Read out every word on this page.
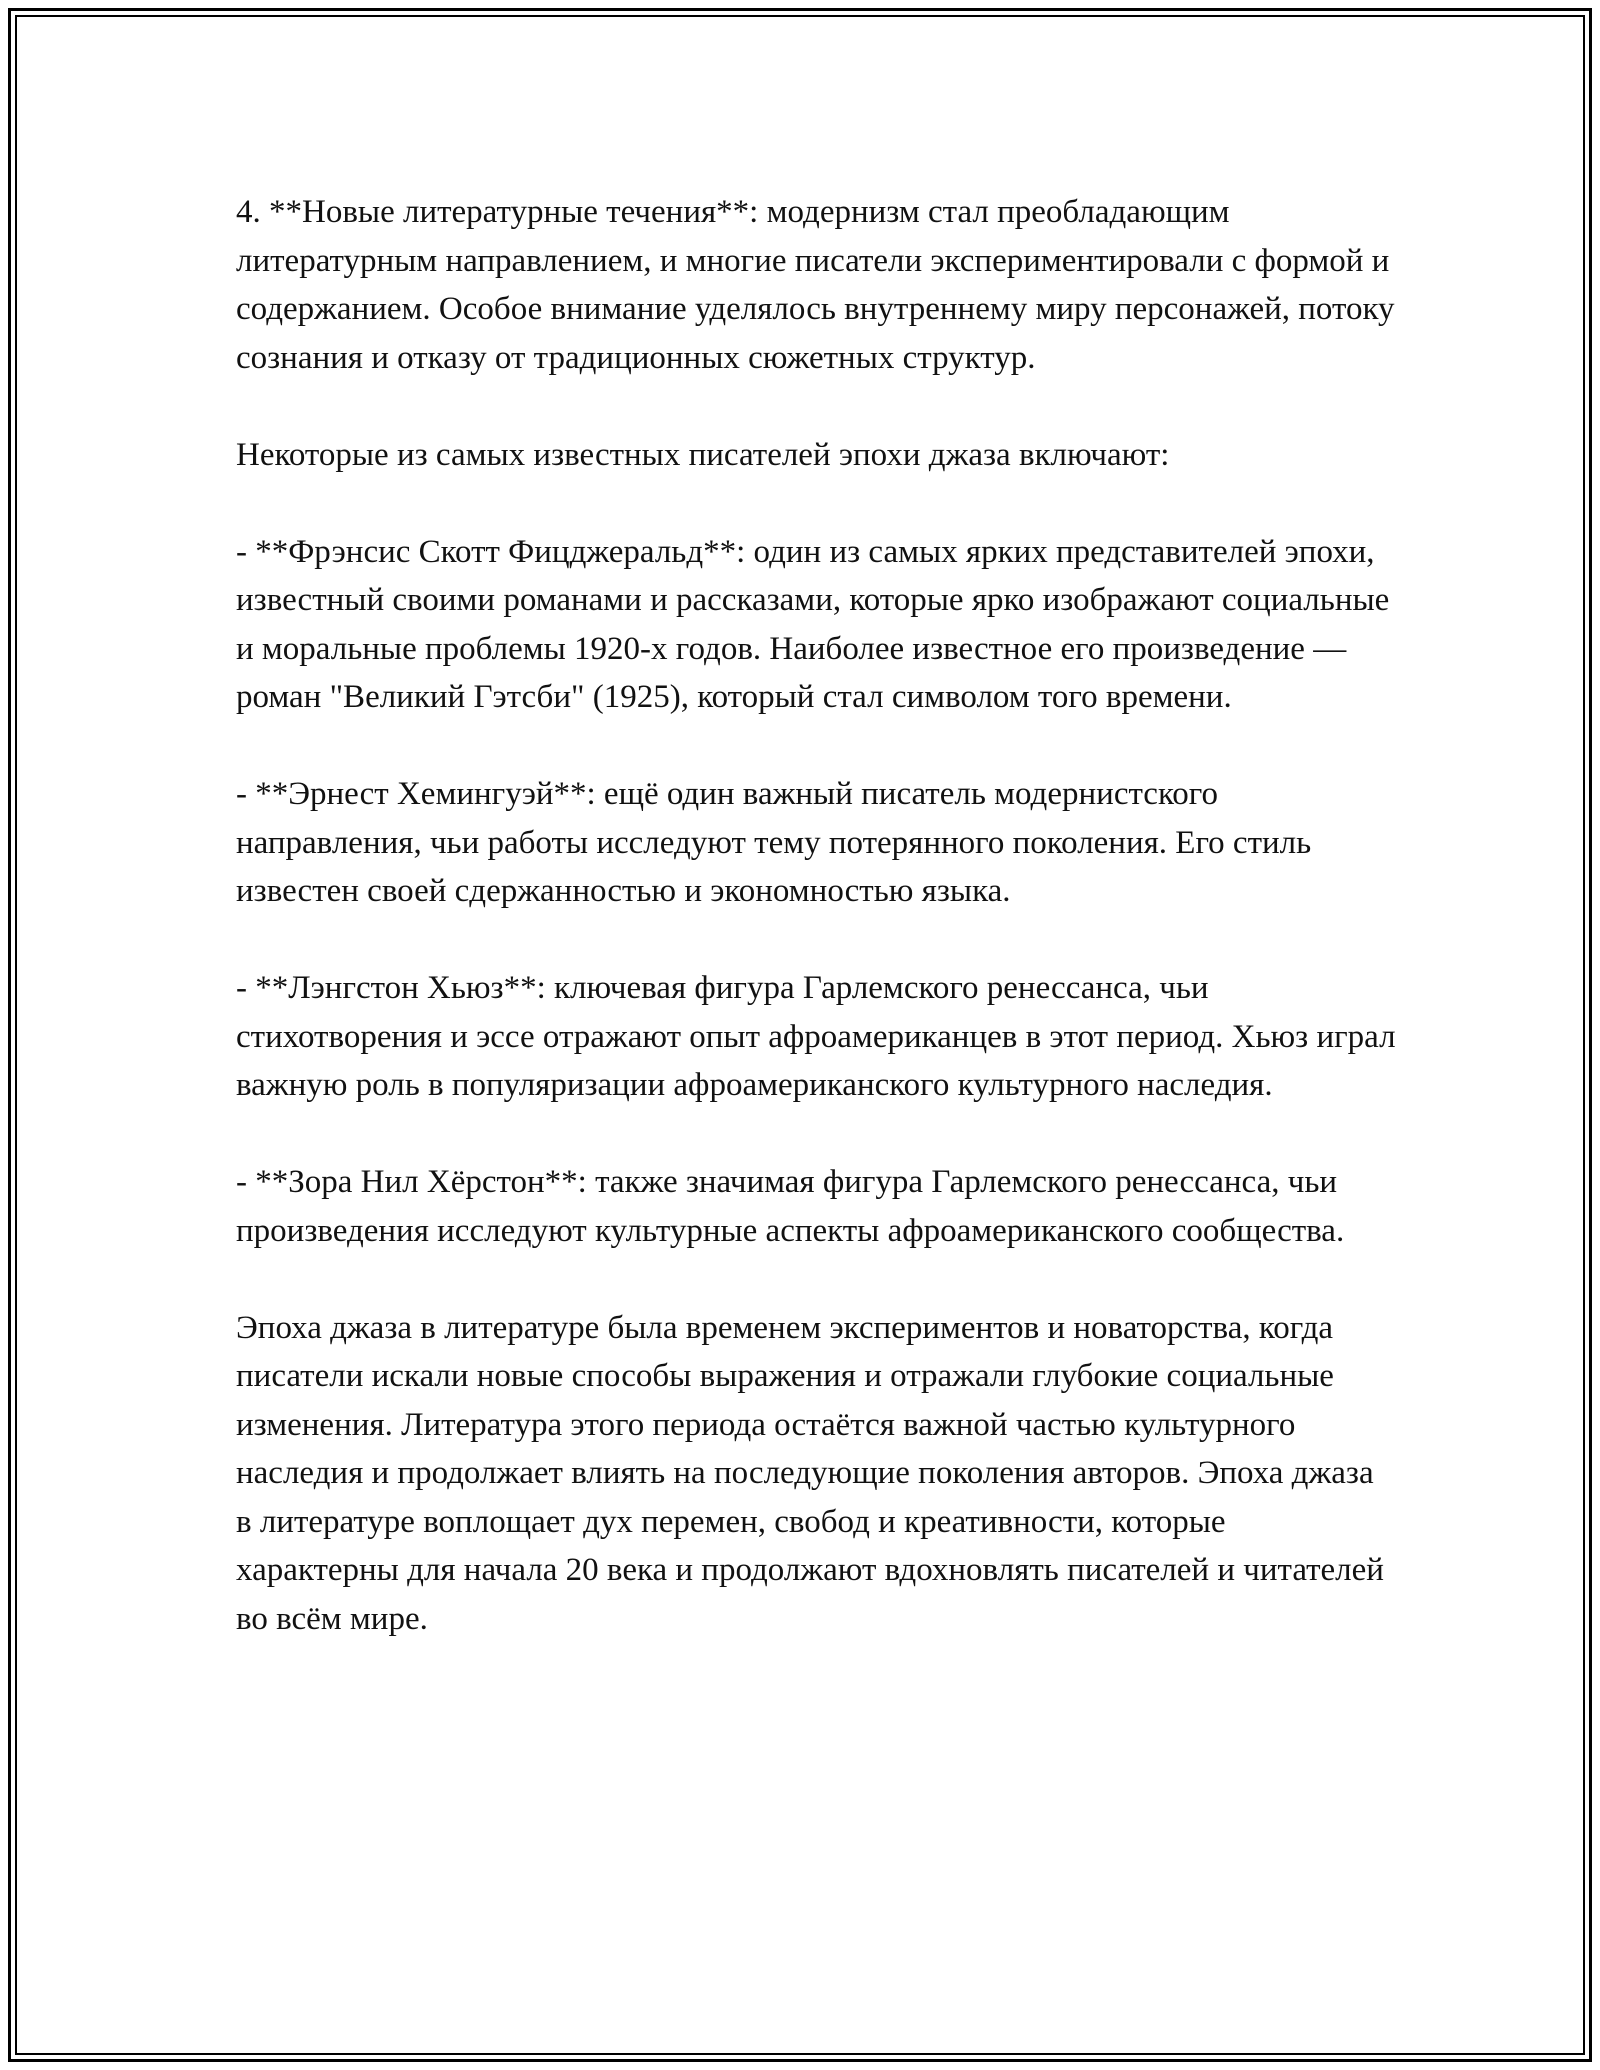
4. **Новые литературные течения**: модернизм стал преобладающим литературным направлением, и многие писатели экспериментировали с формой и содержанием. Особое внимание уделялось внутреннему миру персонажей, потоку сознания и отказу от традиционных сюжетных структур.

Некоторые из самых известных писателей эпохи джаза включают:

- **Фрэнсис Скотт Фицджеральд**: один из самых ярких представителей эпохи, известный своими романами и рассказами, которые ярко изображают социальные и моральные проблемы 1920-х годов. Наиболее известное его произведение — роман "Великий Гэтсби" (1925), который стал символом того времени.

- **Эрнест Хемингуэй**: ещё один важный писатель модернистского направления, чьи работы исследуют тему потерянного поколения. Его стиль известен своей сдержанностью и экономностью языка.

- **Лэнгстон Хьюз**: ключевая фигура Гарлемского ренессанса, чьи стихотворения и эссе отражают опыт афроамериканцев в этот период. Хьюз играл важную роль в популяризации афроамериканского культурного наследия.

- **Зора Нил Хёрстон**: также значимая фигура Гарлемского ренессанса, чьи произведения исследуют культурные аспекты афроамериканского сообщества.

Эпоха джаза в литературе была временем экспериментов и новаторства, когда писатели искали новые способы выражения и отражали глубокие социальные изменения. Литература этого периода остаётся важной частью культурного наследия и продолжает влиять на последующие поколения авторов. Эпоха джаза в литературе воплощает дух перемен, свобод и креативности, которые характерны для начала 20 века и продолжают вдохновлять писателей и читателей во всём мире.
